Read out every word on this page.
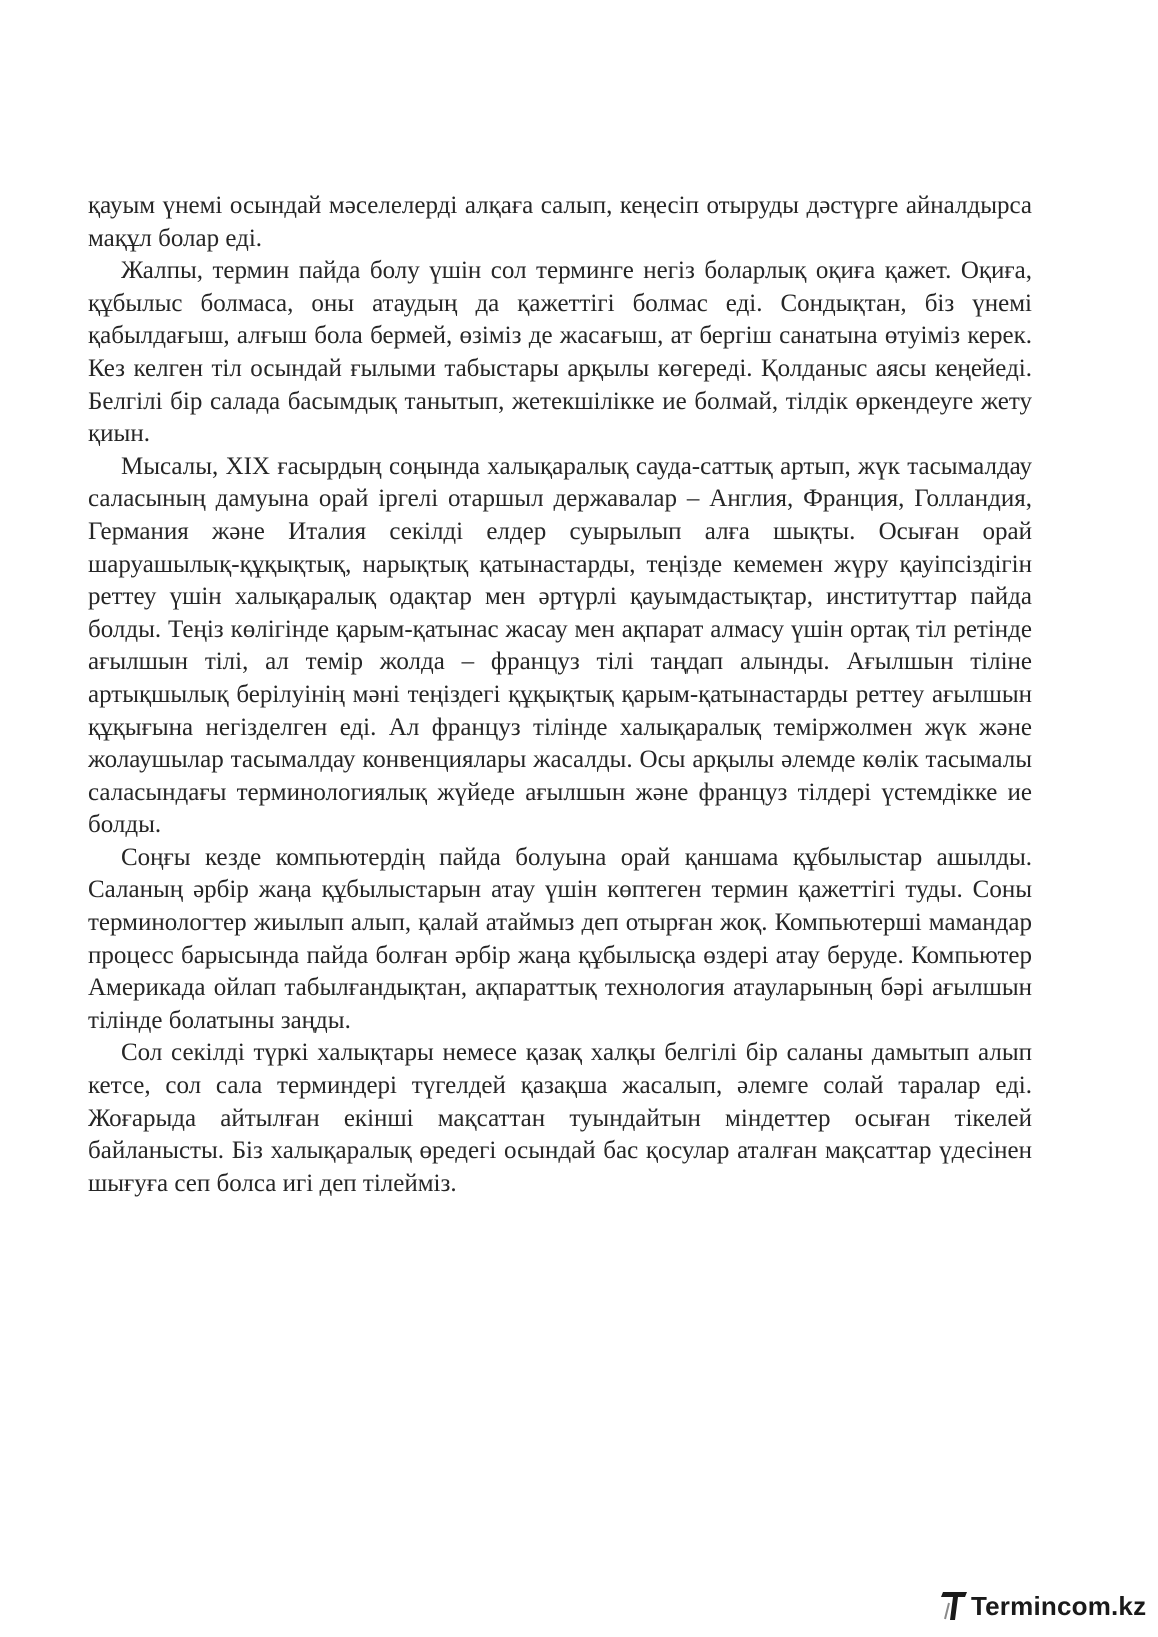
қауым үнемі осындай мәселелерді алқаға салып, кеңесіп отыруды дәстүрге айналдырса мақұл болар еді.

Жалпы, термин пайда болу үшін сол терминге негіз боларлық оқиға қажет. Оқиға, құбылыс болмаса, оны атаудың да қажеттігі болмас еді. Сондықтан, біз үнемі қабылдағыш, алғыш бола бермей, өзіміз де жасағыш, ат бергіш санатына өтуіміз керек. Кез келген тіл осындай ғылыми табыстары арқылы көгереді. Қолданыс аясы кеңейеді. Белгілі бір салада басымдық танытып, жетекшілікке ие болмай, тілдік өркендеуге жету қиын.

Мысалы, ХІХ ғасырдың соңында халықаралық сауда-саттық артып, жүк тасымалдау саласының дамуына орай іргелі отаршыл державалар – Англия, Франция, Голландия, Германия және Италия секілді елдер суырылып алға шықты. Осыған орай шаруашылық-құқықтық, нарықтық қатынастарды, теңізде кемемен жүру қауіпсіздігін реттеу үшін халықаралық одақтар мен әртүрлі қауымдастықтар, институттар пайда болды. Теңіз көлігінде қарым-қатынас жасау мен ақпарат алмасу үшін ортақ тіл ретінде ағылшын тілі, ал темір жолда – француз тілі таңдап алынды. Ағылшын тіліне артықшылық берілуінің мәні теңіздегі құқықтық қарым-қатынастарды реттеу ағылшын құқығына негізделген еді. Ал француз тілінде халықаралық теміржолмен жүк және жолаушылар тасымалдау конвенциялары жасалды. Осы арқылы әлемде көлік тасымалы саласындағы терминологиялық жүйеде ағылшын және француз тілдері үстемдікке ие болды.

Соңғы кезде компьютердің пайда болуына орай қаншама құбылыстар ашылды. Саланың әрбір жаңа құбылыстарын атау үшін көптеген термин қажеттігі туды. Соны терминологтер жиылып алып, қалай атаймыз деп отырған жоқ. Компьютерші мамандар процесс барысында пайда болған әрбір жаңа құбылысқа өздері атау беруде. Компьютер Америкада ойлап табылғандықтан, ақпараттық технология атауларының бәрі ағылшын тілінде болатыны заңды.

Сол секілді түркі халықтары немесе қазақ халқы белгілі бір саланы дамытып алып кетсе, сол сала терминдері түгелдей қазақша жасалып, әлемге солай таралар еді. Жоғарыда айтылған екінші мақсаттан туындайтын міндеттер осыған тікелей байланысты. Біз халықаралық өредегі осындай бас қосулар аталған мақсаттар үдесінен шығуға сеп болса игі деп тілейміз.

Termincom.kz
